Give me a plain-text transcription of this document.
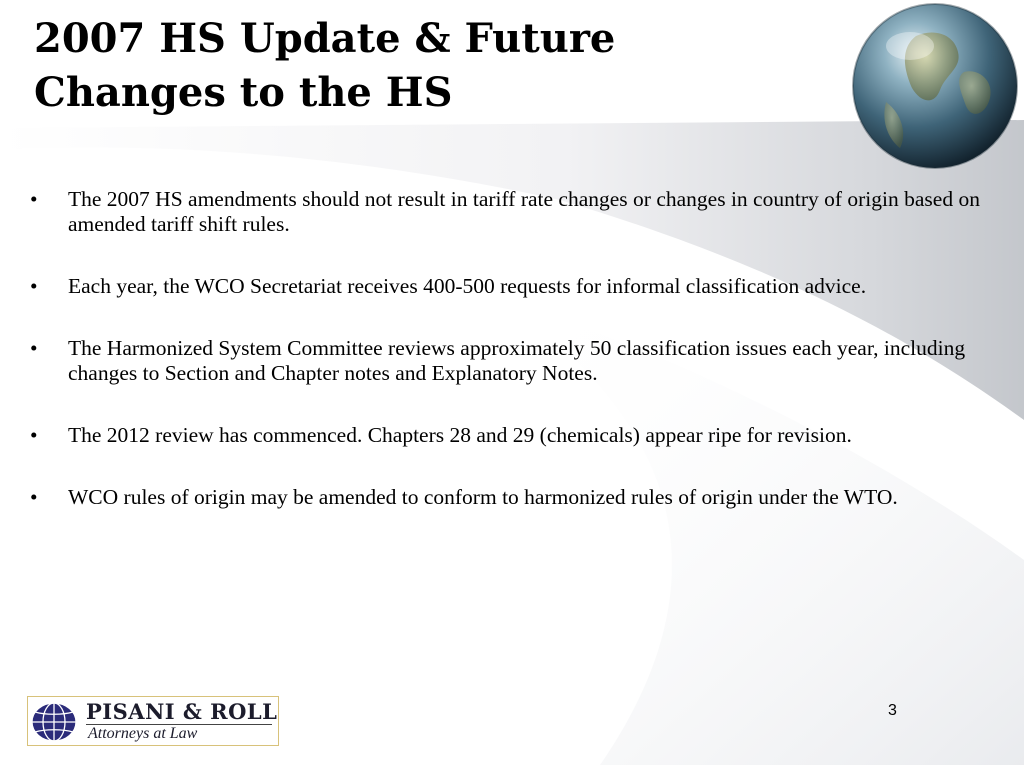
2007 HS Update & Future
Changes to the HS
•	The 2007 HS amendments should not result in tariff rate changes or changes in country of origin based on amended tariff shift rules.
•	Each year, the WCO Secretariat receives 400-500 requests for informal classification advice.
•	The Harmonized System Committee reviews approximately 50 classification issues each year, including changes to Section and Chapter notes and Explanatory Notes.
•	The 2012 review has commenced. Chapters 28 and 29 (chemicals) appear ripe for revision.
•	WCO rules of origin may be amended to conform to harmonized rules of origin under the WTO.
PISANI & ROLL
Attorneys at Law
3
